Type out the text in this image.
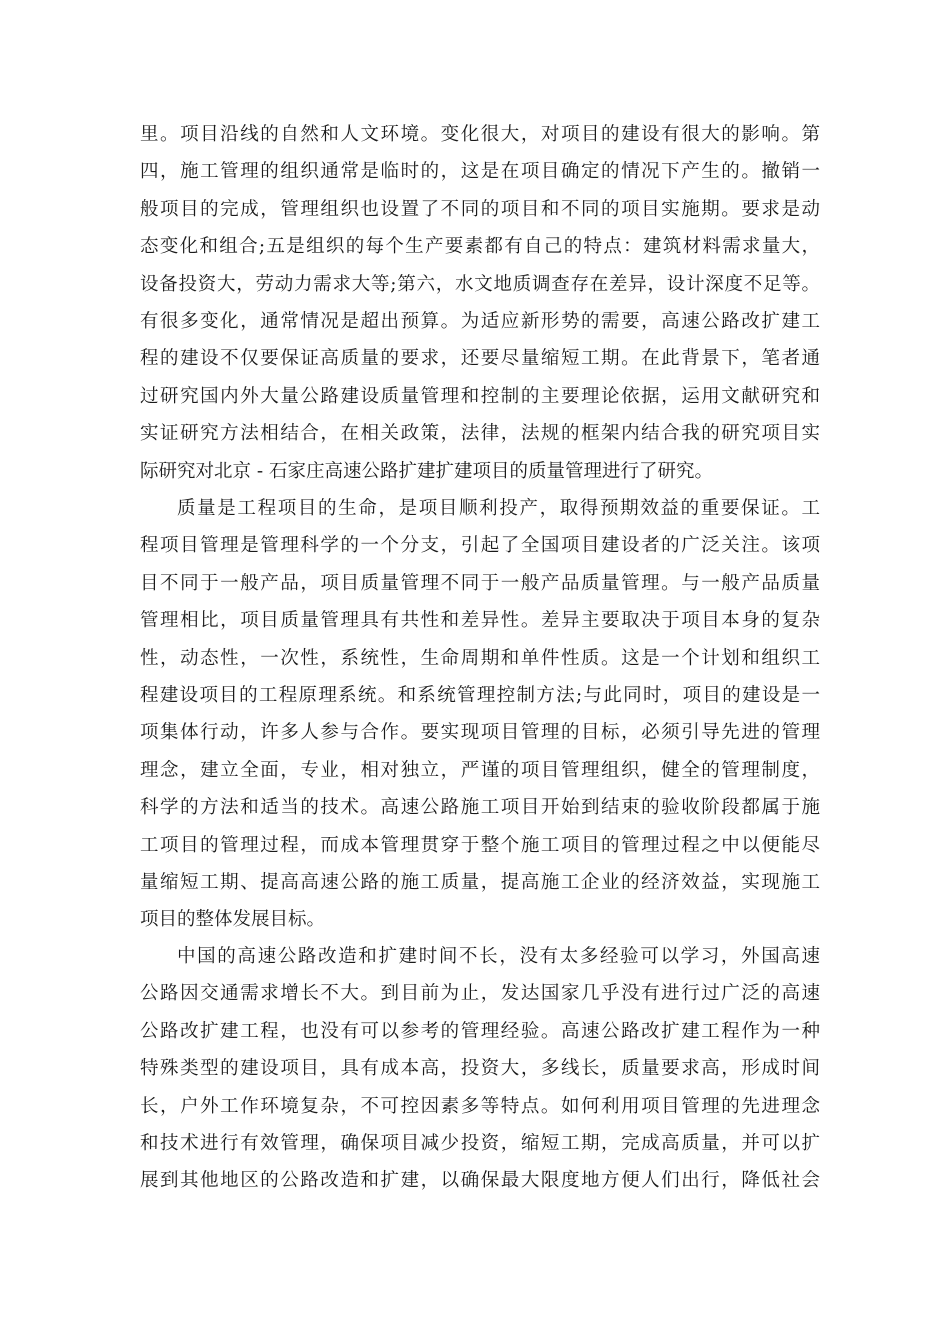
里。项目沿线的自然和人文环境。变化很大，对项目的建设有很大的影响。第
四，施工管理的组织通常是临时的，这是在项目确定的情况下产生的。撤销一
般项目的完成，管理组织也设置了不同的项目和不同的项目实施期。要求是动
态变化和组合;五是组织的每个生产要素都有自己的特点：建筑材料需求量大，
设备投资大，劳动力需求大等;第六，水文地质调查存在差异，设计深度不足等。
有很多变化，通常情况是超出预算。为适应新形势的需要，高速公路改扩建工
程的建设不仅要保证高质量的要求，还要尽量缩短工期。在此背景下，笔者通
过研究国内外大量公路建设质量管理和控制的主要理论依据，运用文献研究和
实证研究方法相结合，在相关政策，法律，法规的框架内结合我的研究项目实
际研究对北京 - 石家庄高速公路扩建扩建项目的质量管理进行了研究。
质量是工程项目的生命，是项目顺利投产，取得预期效益的重要保证。工
程项目管理是管理科学的一个分支，引起了全国项目建设者的广泛关注。该项
目不同于一般产品，项目质量管理不同于一般产品质量管理。与一般产品质量
管理相比，项目质量管理具有共性和差异性。差异主要取决于项目本身的复杂
性，动态性，一次性，系统性，生命周期和单件性质。这是一个计划和组织工
程建设项目的工程原理系统。和系统管理控制方法;与此同时，项目的建设是一
项集体行动，许多人参与合作。要实现项目管理的目标，必须引导先进的管理
理念，建立全面，专业，相对独立，严谨的项目管理组织，健全的管理制度，
科学的方法和适当的技术。高速公路施工项目开始到结束的验收阶段都属于施
工项目的管理过程，而成本管理贯穿于整个施工项目的管理过程之中以便能尽
量缩短工期、提高高速公路的施工质量，提高施工企业的经济效益，实现施工
项目的整体发展目标。
中国的高速公路改造和扩建时间不长，没有太多经验可以学习，外国高速
公路因交通需求增长不大。到目前为止，发达国家几乎没有进行过广泛的高速
公路改扩建工程，也没有可以参考的管理经验。高速公路改扩建工程作为一种
特殊类型的建设项目，具有成本高，投资大，多线长，质量要求高，形成时间
长，户外工作环境复杂，不可控因素多等特点。如何利用项目管理的先进理念
和技术进行有效管理，确保项目减少投资，缩短工期，完成高质量，并可以扩
展到其他地区的公路改造和扩建，以确保最大限度地方便人们出行，降低社会
